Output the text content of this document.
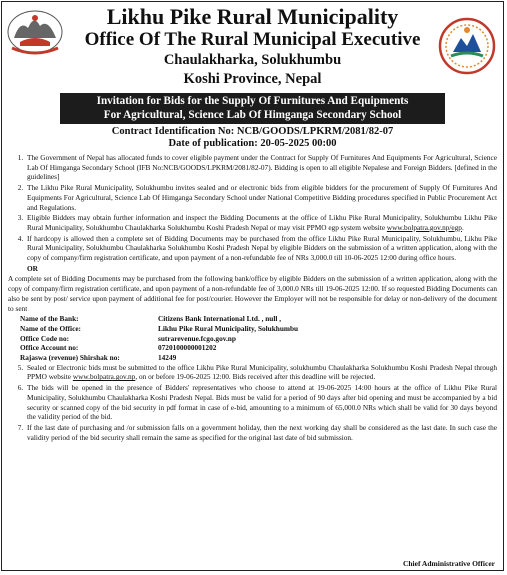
Likhu Pike Rural Municipality
Office Of The Rural Municipal Executive
Chaulakharka, Solukhumbu
Koshi Province, Nepal
Invitation for Bids for the Supply Of Furnitures And Equipments
For Agricultural, Science Lab Of Himganga Secondary School
Contract Identification No: NCB/GOODS/LPKRM/2081/82-07
Date of publication: 20-05-2025 00:00
1. The Government of Nepal has allocated funds to cover eligible payment under the Contract for Supply Of Furnitures And Equipments For Agricultural, Science Lab Of Himganga Secondary School (IFB No:NCB/GOODS/LPKRM/2081/82-07). Bidding is open to all eligible Nepalese and Foreign Bidders. [defined in the guidelines]
2. The Likhu Pike Rural Municipality, Solukhumbu invites sealed and or electronic bids from eligible bidders for the procurement of Supply Of Furnitures And Equipments For Agricultural, Science Lab Of Himganga Secondary School under National Competitive Bidding procedures specified in Public Procurement Act and Regulations.
3. Eligible Bidders may obtain further information and inspect the Bidding Documents at the office of Likhu Pike Rural Municipality, Solukhumbu Likhu Pike Rural Municipality, Solukhumbu Chaulakharka Solukhumbu Koshi Pradesh Nepal or may visit PPMO egp system website www.bolpatra.gov.np/egp.
4. If hardcopy is allowed then a complete set of Bidding Documents may be purchased from the office Likhu Pike Rural Municipality, Solukhumbu, Likhu Pike Rural Municipality, Solukhumbu Chaulakharka Solukhumbu Koshi Pradesh Nepal by eligible Bidders on the submission of a written application, along with the copy of company/firm registration certificate, and upon payment of a non-refundable fee of NRs 3,000.0 till 10-06-2025 12:00 during office hours.
OR

A complete set of Bidding Documents may be purchased from the following bank/office by eligible Bidders on the submission of a written application, along with the copy of company/firm registration certificate, and upon payment of a non-refundable fee of 3,000.0 NRs till 19-06-2025 12:00. If so requested Bidding Documents can also be sent by post/ service upon payment of additional fee for post/courier. However the Employer will not be responsible for delay or non-delivery of the document to sent

Name of the Bank:	Citizens Bank International Ltd. , null ,
Name of the Office:	Likhu Pike Rural Municipality, Solukhumbu
Office Code no:	sutrarevenue.fcgo.gov.np
Office Account no:	0720100000001202
Rajaswa (revenue) Shirshak no:	14249
5. Sealed or Electronic bids must be submitted to the office Likhu Pike Rural Municipality, solukhumbu Chaulakharka Solukhumbu Koshi Pradesh Nepal through PPMO website www.bolpatra.gov.np, on or before 19-06-2025 12:00. Bids received after this deadline will be rejected.
6. The bids will be opened in the presence of Bidders' representatives who choose to attend at 19-06-2025 14:00 hours at the office of Likhu Pike Rural Municipality, Solukhumbu Chaulakharka Koshi Pradesh Nepal. Bids must be valid for a period of 90 days after bid opening and must be accompanied by a bid security or scanned copy of the bid security in pdf format in case of e-bid, amounting to a minimum of 65,000.0 NRs which shall be valid for 30 days beyond the validity period of the bid.
7. If the last date of purchasing and /or submission falls on a government holiday, then the next working day shall be considered as the last date. In such case the validity period of the bid security shall remain the same as specified for the original last date of bid submission.
Chief Administrative Officer
